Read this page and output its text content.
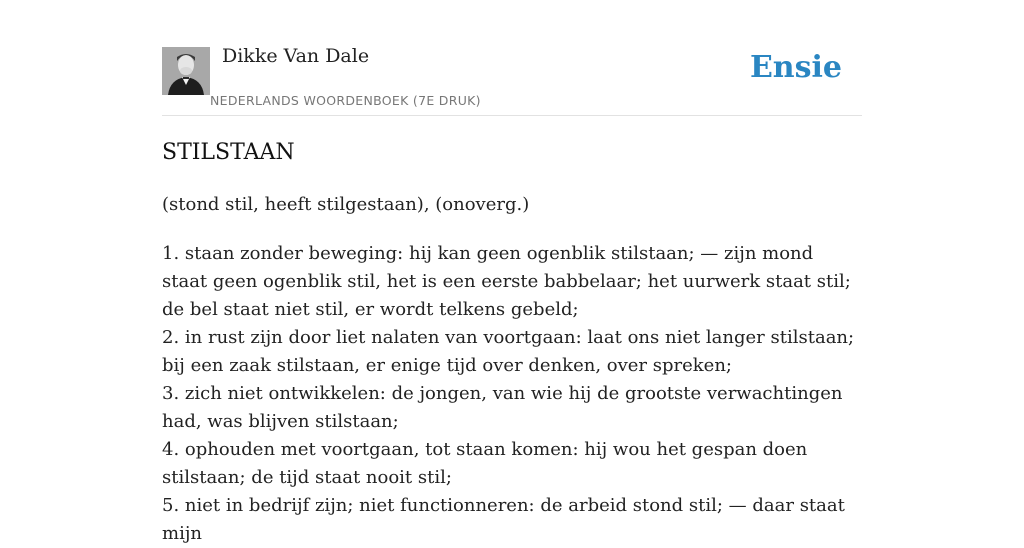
Dikke Van Dale
NEDERLANDS WOORDENBOEK (7E DRUK)
Ensie
STILSTAAN
(stond stil, heeft stilgestaan), (onoverg.)
1. staan zonder beweging: hij kan geen ogenblik stilstaan; — zijn mond staat geen ogenblik stil, het is een eerste babbelaar; het uurwerk staat stil; de bel staat niet stil, er wordt telkens gebeld;
2. in rust zijn door liet nalaten van voortgaan: laat ons niet langer stilstaan; bij een zaak stilstaan, er enige tijd over denken, over spreken;
3. zich niet ontwikkelen: de jongen, van wie hij de grootste verwachtingen had, was blijven stilstaan;
4. ophouden met voortgaan, tot staan komen: hij wou het gespan doen stilstaan; de tijd staat nooit stil;
5. niet in bedrijf zijn; niet functionneren: de arbeid stond stil; — daar staat mijn
